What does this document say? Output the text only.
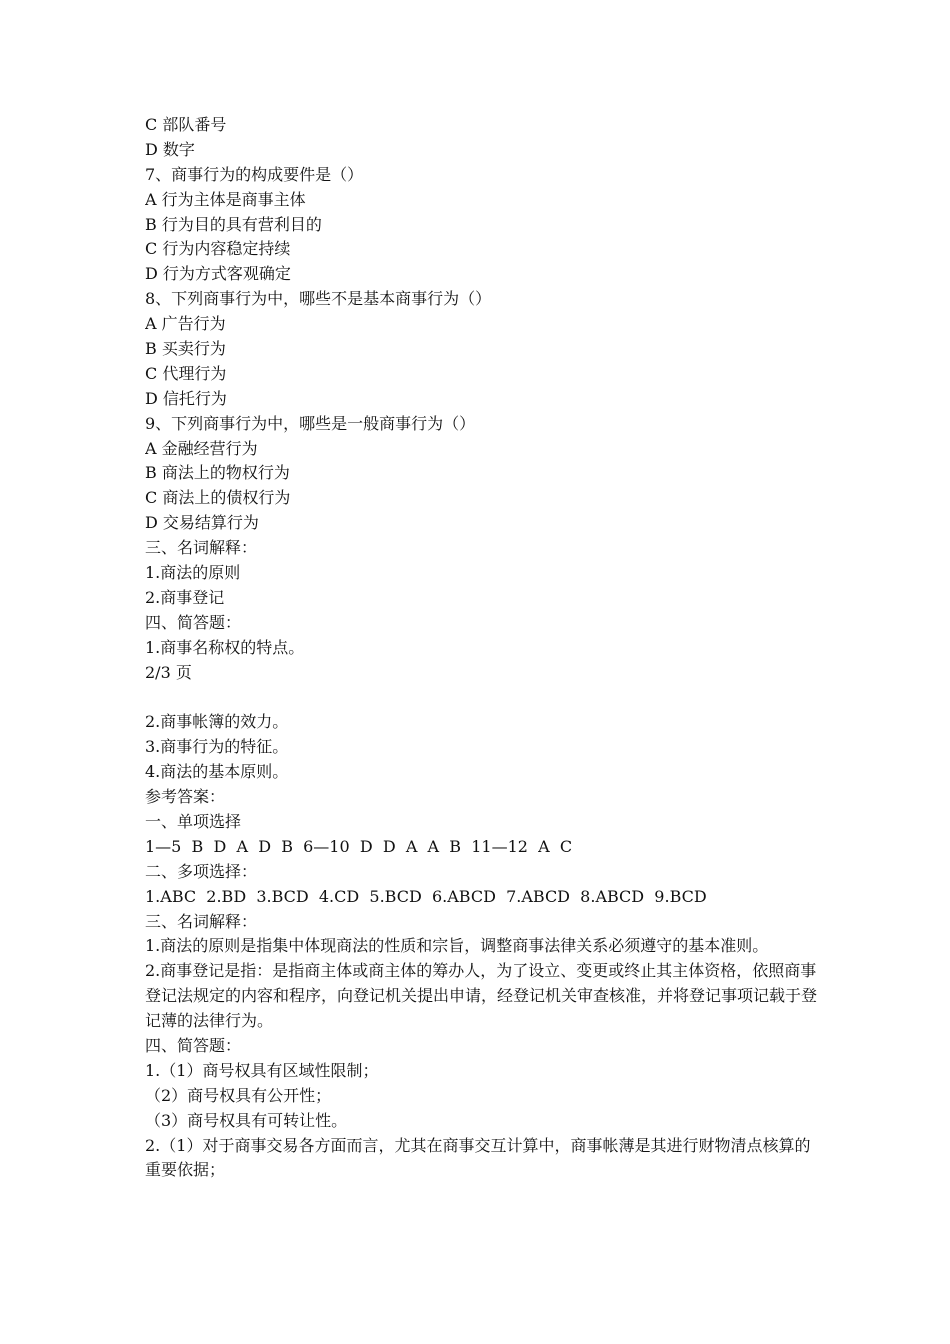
C 部队番号
D 数字
7、商事行为的构成要件是（）
A 行为主体是商事主体
B 行为目的具有营利目的
C 行为内容稳定持续
D 行为方式客观确定
8、下列商事行为中，哪些不是基本商事行为（）
A 广告行为
B 买卖行为
C 代理行为
D 信托行为
9、下列商事行为中，哪些是一般商事行为（）
A 金融经营行为
B 商法上的物权行为
C 商法上的债权行为
D 交易结算行为
三、名词解释：
1.商法的原则
2.商事登记
四、简答题：
1.商事名称权的特点。
2/3 页
2.商事帐簿的效力。
3.商事行为的特征。
4.商法的基本原则。
参考答案：
一、单项选择
1—5  B  D  A  D  B  6—10  D  D  A  A  B  11—12  A  C
二、多项选择：
1.ABC  2.BD  3.BCD  4.CD  5.BCD  6.ABCD  7.ABCD  8.ABCD  9.BCD
三、名词解释：

1.商法的原则是指集中体现商法的性质和宗旨，调整商事法律关系必须遵守的基本准则。

2.商事登记是指：是指商主体或商主体的筹办人，为了设立、变更或终止其主体资格，依照商事登记法规定的内容和程序，向登记机关提出申请，经登记机关审查核准，并将登记事项记载于登记薄的法律行为。

四、简答题：
1.（1）商号权具有区域性限制；
（2）商号权具有公开性；
（3）商号权具有可转让性。

2.（1）对于商事交易各方面而言，尤其在商事交互计算中，商事帐薄是其进行财物清点核算的重要依据；
